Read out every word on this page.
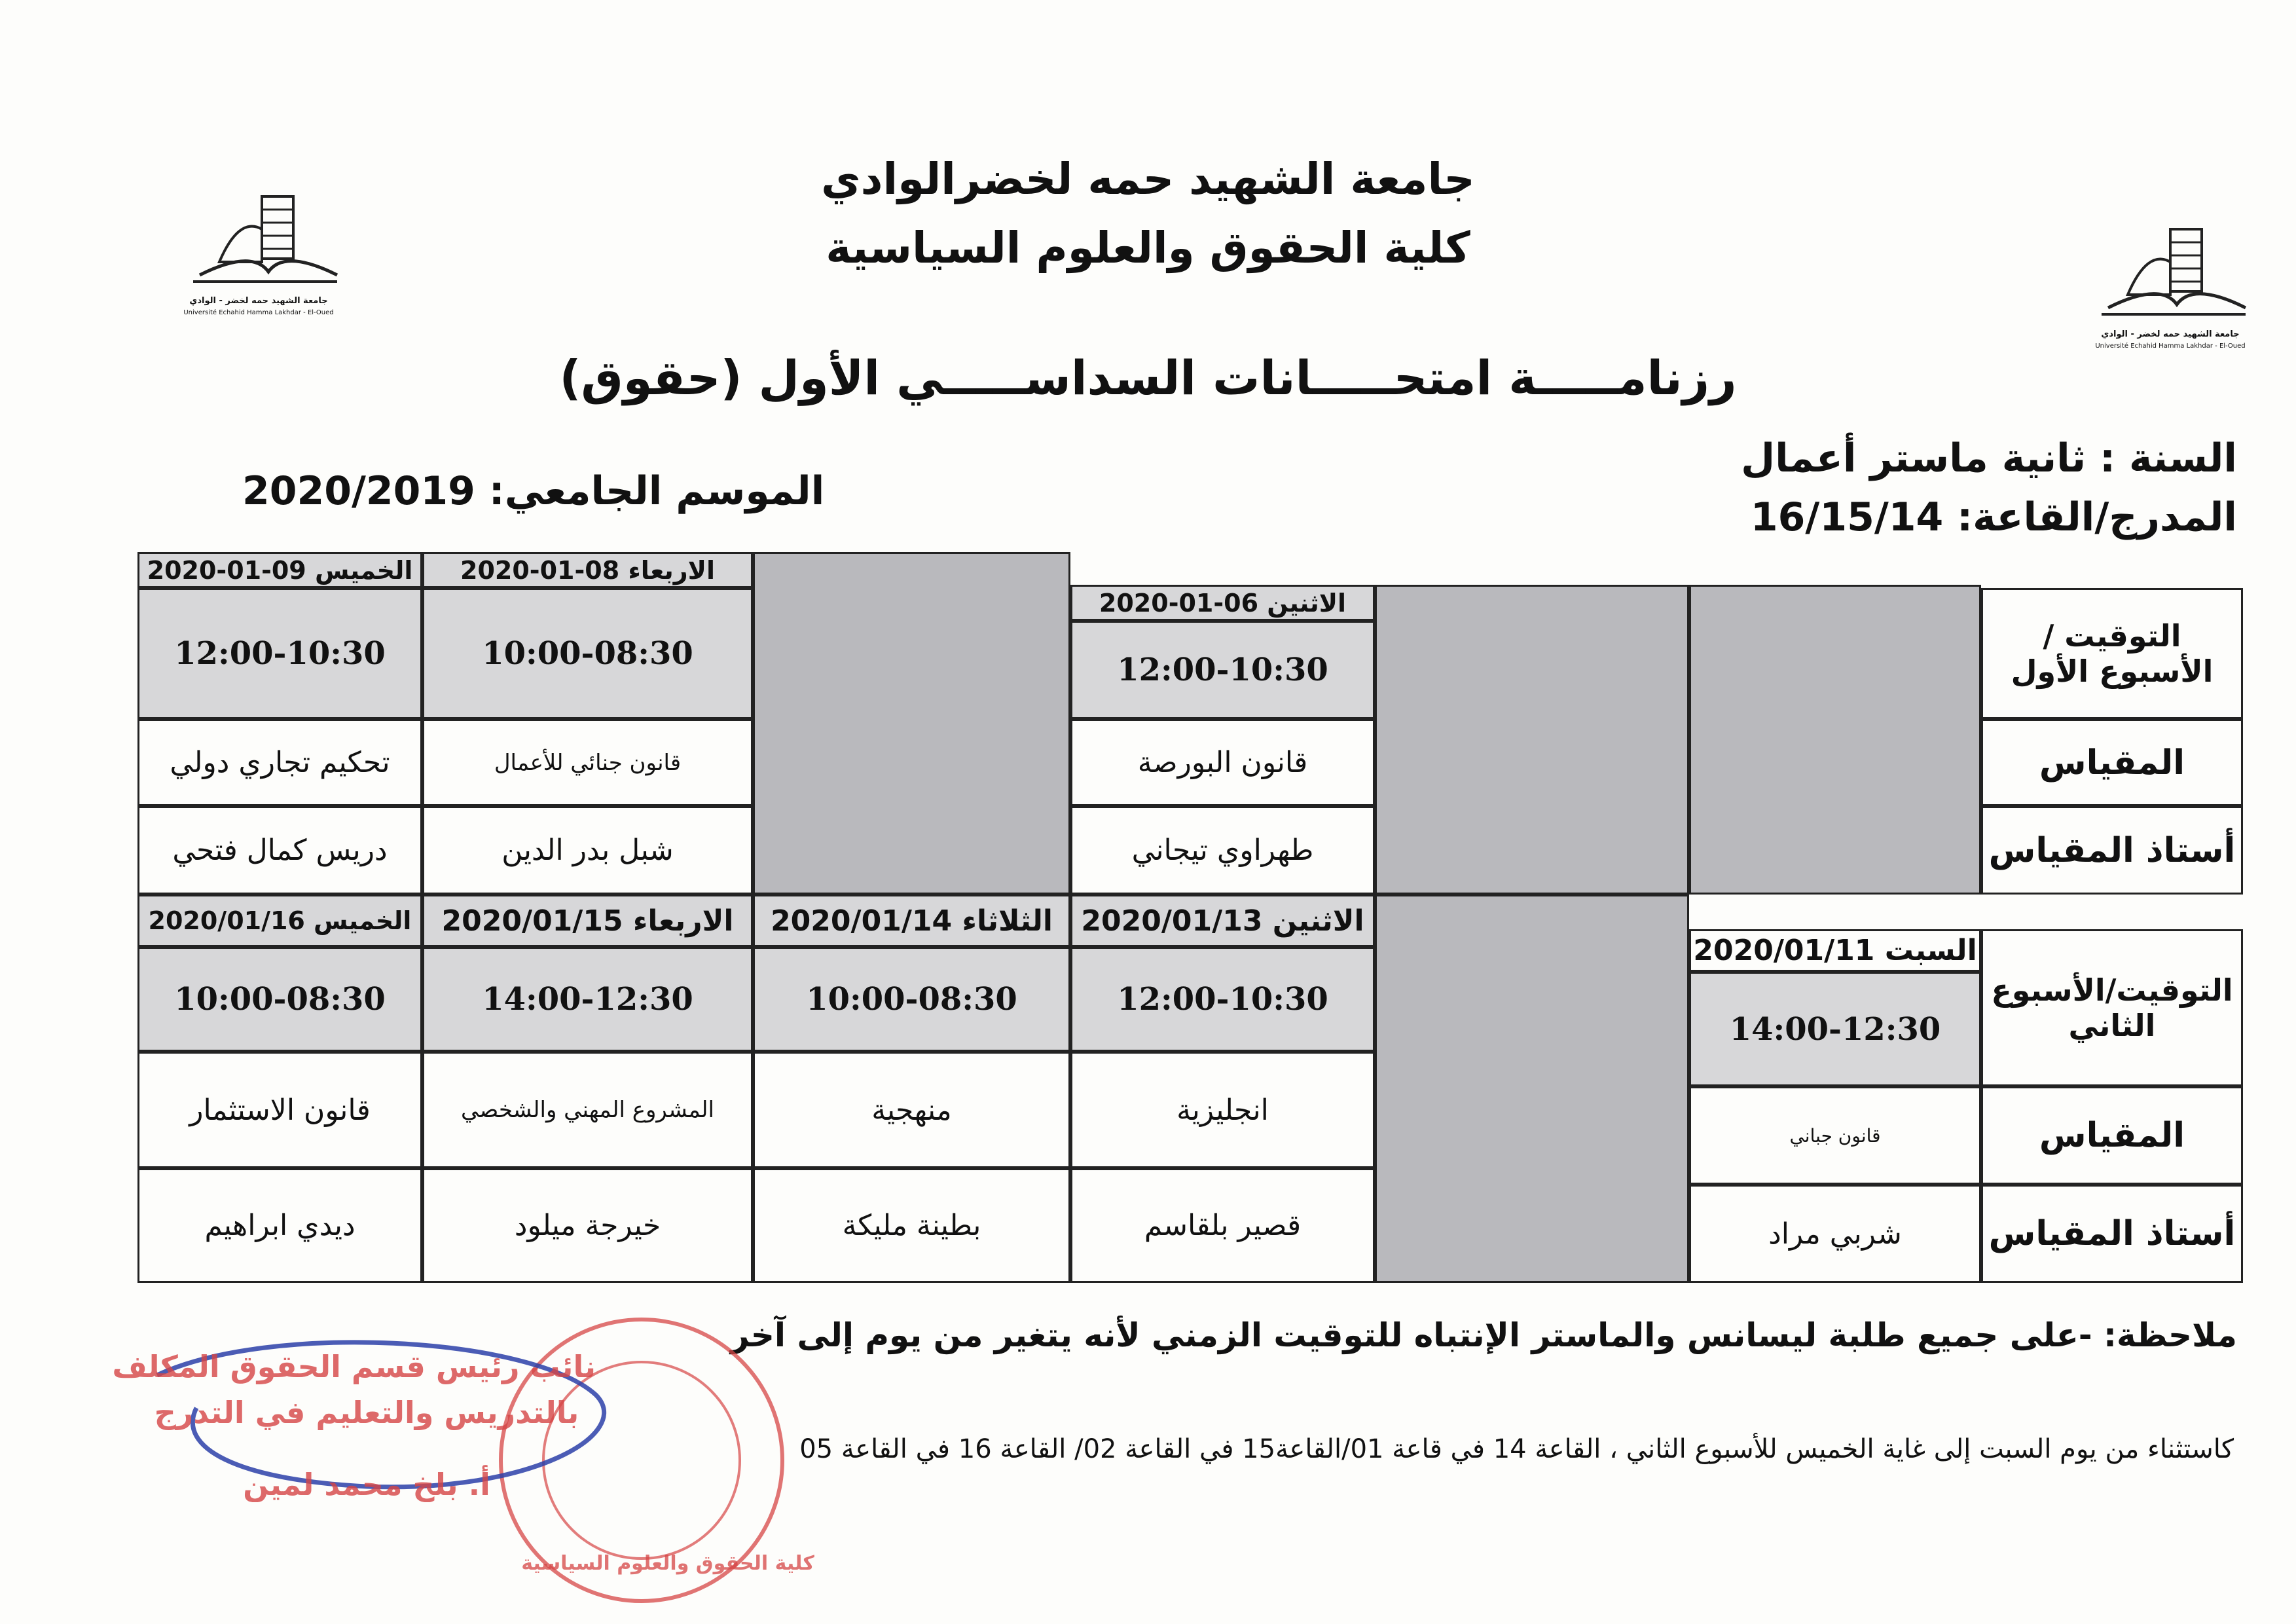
جامعة الشهيد حمه لخضر - الوادي
Université Echahid Hamma Lakhdar - El-Oued
جامعة الشهيد حمه لخضر - الوادي
Université Echahid Hamma Lakhdar - El-Oued
جامعة الشهيد حمه لخضرالوادي
كلية الحقوق والعلوم السياسية
رزنامـــــة امتحـــــانات السداســـــي الأول (حقوق)
السنة : ثانية ماستر أعمال
المدرج/القاعة: 16/15/14
الموسم الجامعي: 2020/2019
التوقيت / الأسبوع الأول
المقياس
أستاذ المقياس
التوقيت/الأسبوع الثاني
المقياس
أستاذ المقياس
الاثنين 06-01-2020
12:00-10:30
قانون البورصة
طهراوي تيجاني
الاربعاء 08-01-2020
10:00-08:30
قانون جنائي للأعمال
شبل بدر الدين
الخميس 09-01-2020
12:00-10:30
تحكيم تجاري دولي
دريس كمال فتحي
السبت 2020/01/11
14:00-12:30
قانون جباني
شربي مراد
الاثنين 2020/01/13
12:00-10:30
انجليزية
قصير بلقاسم
الثلاثاء 2020/01/14
10:00-08:30
منهجية
بطينة مليكة
الاربعاء 2020/01/15
14:00-12:30
المشروع المهني والشخصي
خيرجة ميلود
الخميس 2020/01/16
10:00-08:30
قانون الاستثمار
ديدي ابراهيم
ملاحظة: -على جميع طلبة ليسانس والماستر الإنتباه للتوقيت الزمني لأنه يتغير من يوم إلى آخر
كاستثناء من يوم السبت إلى غاية الخميس للأسبوع الثاني ، القاعة 14 في قاعة 01/القاعة15 في القاعة 02/ القاعة 16 في القاعة 05
نائب رئيس قسم الحقوق المكلف
بالتدريس والتعليم في التدرج
أ. بلخ محمد لمين
كلية الحقوق والعلوم السياسية
